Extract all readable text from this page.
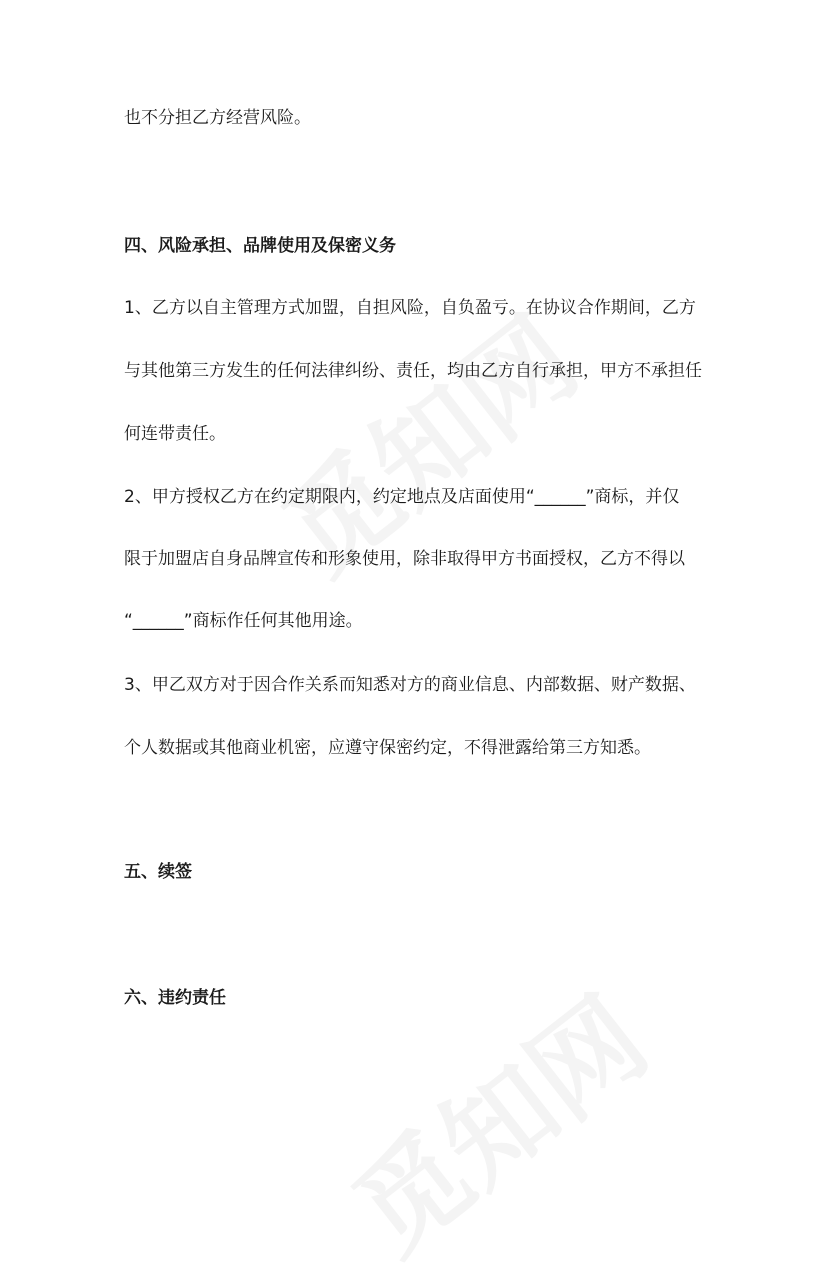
也不分担乙方经营风险。
四、风险承担、品牌使用及保密义务
1、乙方以自主管理方式加盟，自担风险，自负盈亏。在协议合作期间，乙方
与其他第三方发生的任何法律纠纷、责任，均由乙方自行承担，甲方不承担任
何连带责任。
2、甲方授权乙方在约定期限内，约定地点及店面使用“______”商标，并仅
限于加盟店自身品牌宣传和形象使用，除非取得甲方书面授权，乙方不得以
“______”商标作任何其他用途。
3、甲乙双方对于因合作关系而知悉对方的商业信息、内部数据、财产数据、
个人数据或其他商业机密，应遵守保密约定，不得泄露给第三方知悉。
五、续签
六、违约责任
